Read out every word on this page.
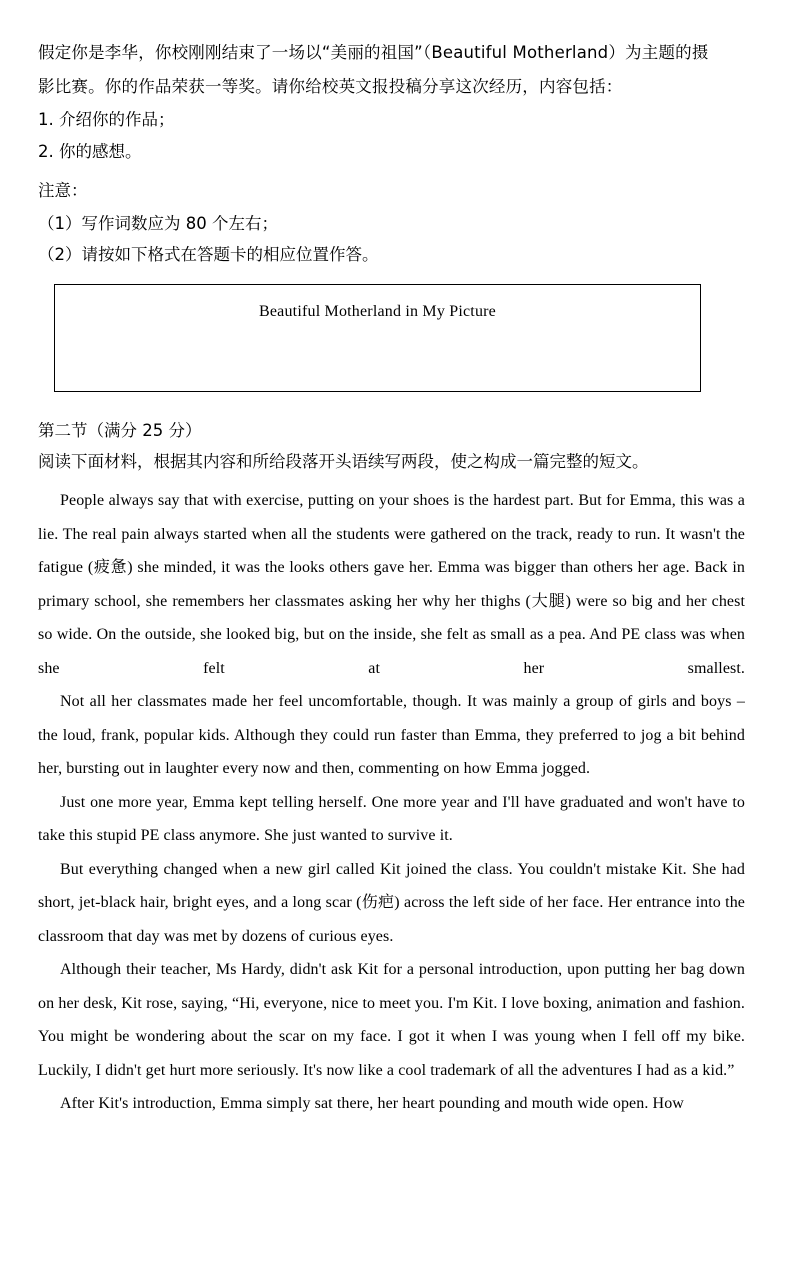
假定你是李华，你校刚刚结束了一场以“美丽的祖国”（Beautiful Motherland）为主题的摄

影比赛。你的作品荣获一等奖。请你给校英文报投稿分享这次经历，内容包括：

1. 介绍你的作品；

2. 你的感想。

注意：

（1）写作词数应为 80 个左右；

（2）请按如下格式在答题卡的相应位置作答。

Beautiful Motherland in My Picture

第二节（满分 25 分）

阅读下面材料，根据其内容和所给段落开头语续写两段，使之构成一篇完整的短文。

People always say that with exercise, putting on your shoes is the hardest part. But for Emma, this was a lie. The real pain always started when all the students were gathered on the track, ready to run. It wasn't the fatigue (疲惫) she minded, it was the looks others gave her. Emma was bigger than others her age. Back in primary school, she remembers her classmates asking her why her thighs (大腿) were so big and her chest so wide. On the outside, she looked big, but on the inside, she felt as small as a pea. And PE class was when she felt at her smallest.

Not all her classmates made her feel uncomfortable, though. It was mainly a group of girls and boys – the loud, frank, popular kids. Although they could run faster than Emma, they preferred to jog a bit behind her, bursting out in laughter every now and then, commenting on how Emma jogged.

Just one more year, Emma kept telling herself. One more year and I'll have graduated and won't have to take this stupid PE class anymore. She just wanted to survive it.

But everything changed when a new girl called Kit joined the class. You couldn't mistake Kit. She had short, jet-black hair, bright eyes, and a long scar (伤疤) across the left side of her face. Her entrance into the classroom that day was met by dozens of curious eyes.

Although their teacher, Ms Hardy, didn't ask Kit for a personal introduction, upon putting her bag down on her desk, Kit rose, saying, “Hi, everyone, nice to meet you. I'm Kit. I love boxing, animation and fashion. You might be wondering about the scar on my face. I got it when I was young when I fell off my bike. Luckily, I didn't get hurt more seriously. It's now like a cool trademark of all the adventures I had as a kid.”

After Kit's introduction, Emma simply sat there, her heart pounding and mouth wide open. How
